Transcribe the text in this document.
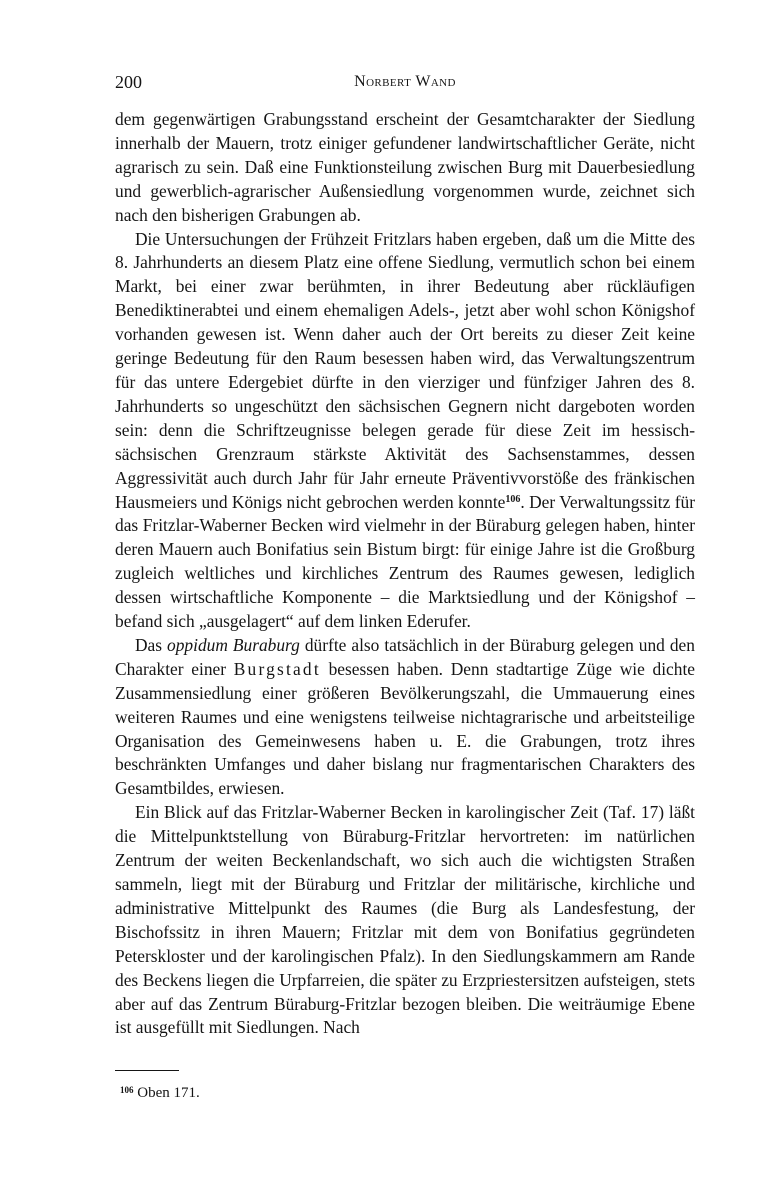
200	Norbert Wand

dem gegenwärtigen Grabungsstand erscheint der Gesamtcharakter der Siedlung innerhalb der Mauern, trotz einiger gefundener landwirtschaftlicher Geräte, nicht agrarisch zu sein. Daß eine Funktionsteilung zwischen Burg mit Dauerbesiedlung und gewerblich-agrarischer Außensiedlung vorgenommen wurde, zeichnet sich nach den bisherigen Grabungen ab.

Die Untersuchungen der Frühzeit Fritzlars haben ergeben, daß um die Mitte des 8. Jahrhunderts an diesem Platz eine offene Siedlung, vermutlich schon bei einem Markt, bei einer zwar berühmten, in ihrer Bedeutung aber rückläufigen Benediktinerabtei und einem ehemaligen Adels-, jetzt aber wohl schon Königshof vorhanden gewesen ist. Wenn daher auch der Ort bereits zu dieser Zeit keine geringe Bedeutung für den Raum besessen haben wird, das Verwaltungszentrum für das untere Edergebiet dürfte in den vierziger und fünfziger Jahren des 8. Jahrhunderts so ungeschützt den sächsischen Gegnern nicht dargeboten worden sein: denn die Schriftzeugnisse belegen gerade für diese Zeit im hessisch-sächsischen Grenzraum stärkste Aktivität des Sachsenstammes, dessen Aggressivität auch durch Jahr für Jahr erneute Präventivvorstöße des fränkischen Hausmeiers und Königs nicht gebrochen werden konnte$^{106}$. Der Verwaltungssitz für das Fritzlar-Waberner Becken wird vielmehr in der Büraburg gelegen haben, hinter deren Mauern auch Bonifatius sein Bistum birgt: für einige Jahre ist die Großburg zugleich weltliches und kirchliches Zentrum des Raumes gewesen, lediglich dessen wirtschaftliche Komponente – die Marktsiedlung und der Königshof – befand sich „ausgelagert“ auf dem linken Ederufer.

Das oppidum Buraburg dürfte also tatsächlich in der Büraburg gelegen und den Charakter einer Burgstadt besessen haben. Denn stadtartige Züge wie dichte Zusammensiedlung einer größeren Bevölkerungszahl, die Ummauerung eines weiteren Raumes und eine wenigstens teilweise nichtagrarische und arbeitsteilige Organisation des Gemeinwesens haben u. E. die Grabungen, trotz ihres beschränkten Umfanges und daher bislang nur fragmentarischen Charakters des Gesamtbildes, erwiesen.

Ein Blick auf das Fritzlar-Waberner Becken in karolingischer Zeit (Taf. 17) läßt die Mittelpunktstellung von Büraburg-Fritzlar hervortreten: im natürlichen Zentrum der weiten Beckenlandschaft, wo sich auch die wichtigsten Straßen sammeln, liegt mit der Büraburg und Fritzlar der militärische, kirchliche und administrative Mittelpunkt des Raumes (die Burg als Landesfestung, der Bischofssitz in ihren Mauern; Fritzlar mit dem von Bonifatius gegründeten Peterskloster und der karolingischen Pfalz). In den Siedlungskammern am Rande des Beckens liegen die Urpfarreien, die später zu Erzpriestersitzen aufsteigen, stets aber auf das Zentrum Büraburg-Fritzlar bezogen bleiben. Die weiträumige Ebene ist ausgefüllt mit Siedlungen. Nach

$^{106}$ Oben 171.
